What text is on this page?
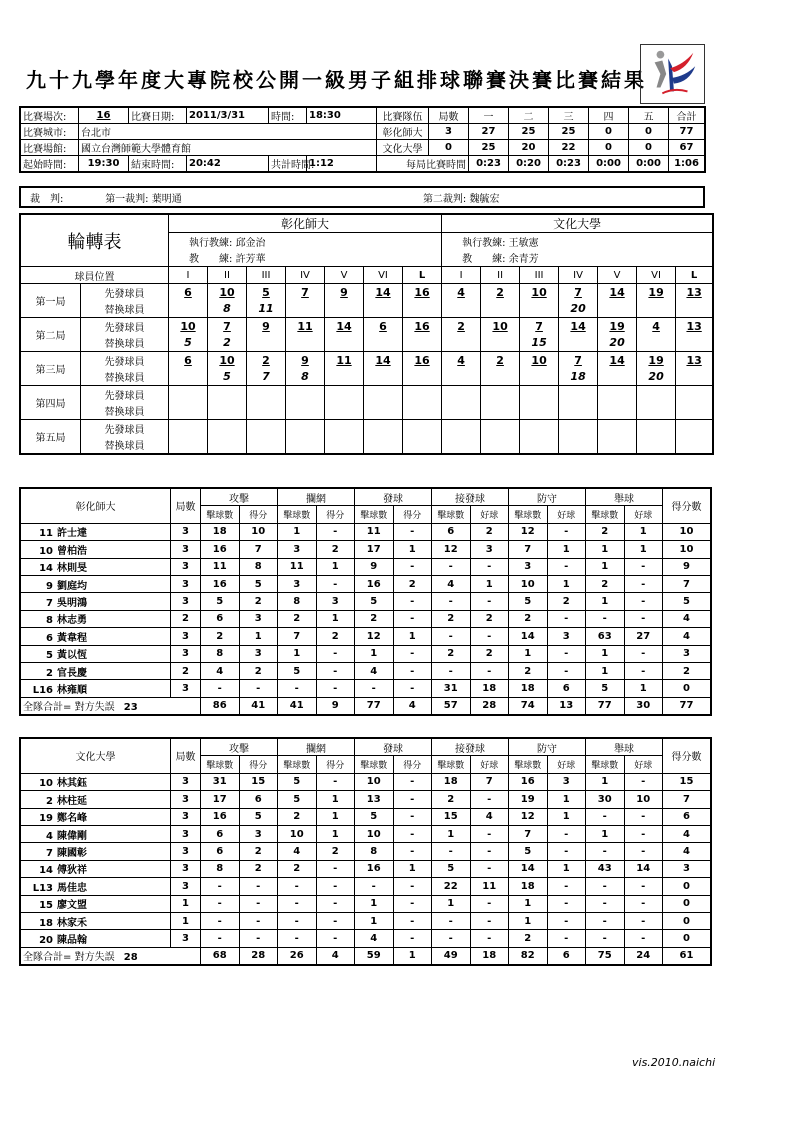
九十九學年度大專院校公開一級男子組排球聯賽決賽比賽結果
比賽場次:	16	比賽日期:	2011/3/31	時間:	18:30	比賽隊伍	局數	一	二	三	四	五	合計
比賽城市:	台北市					彰化師大	3	27	25	25	0	0	77
比賽場館:	國立台灣師範大學體育館					文化大學	0	25	20	22	0	0	67
起始時間:	19:30	結束時間:	20:42	共計時間:	1:12	每局比賽時間		0:23	0:20	0:23	0:00	0:00	1:06
裁　判:	第一裁判: 葉明通	第二裁判: 魏毓宏
輪轉表		彰化師大							文化大學						
		執行教練: 邱金治							執行教練: 王敏憲						
		教　　練: 許芳華							教　　練: 余青芳						
球員位置		I	II	III	IV	V	VI	L	I	II	III	IV	V	VI	L
第一局	先發球員	6	10	5	7	9	14	16	4	2	10	7	14	19	13
	替換球員		8	11								20			
第二局	先發球員	10	7	9	11	14	6	16	2	10	7	14	19	4	13
	替換球員	5	2								15		20		
第三局	先發球員	6	10	2	9	11	14	16	4	2	10	7	14	19	13
	替換球員		5	7	8							18		20	
第四局	先發球員														
	替換球員														
第五局	先發球員														
	替換球員														
彰化師大	局數	攻擊		攔網		發球		接發球		防守		舉球		得分數
		擊球數	得分	擊球數	得分	擊球數	得分	擊球數	好球	擊球數	好球	擊球數	好球	
11 許士達	3	18	10	1	-	11	-	6	2	12	-	2	1	10
10 曾柏浩	3	16	7	3	2	17	1	12	3	7	1	1	1	10
14 林則旻	3	11	8	11	1	9	-	-	-	3	-	1	-	9
9 劉庭均	3	16	5	3	-	16	2	4	1	10	1	2	-	7
7 吳明鴻	3	5	2	8	3	5	-	-	-	5	2	1	-	5
8 林志勇	2	6	3	2	1	2	-	2	2	2	-	-	-	4
6 黃韋程	3	2	1	7	2	12	1	-	-	14	3	63	27	4
5 黃以恆	3	8	3	1	-	1	-	2	2	1	-	1	-	3
2 官長慶	2	4	2	5	-	4	-	-	-	2	-	1	-	2
L16 林雍順	3	-	-	-	-	-	-	31	18	18	6	5	1	0
全隊合計= 對方失誤 23		86	41	41	9	77	4	57	28	74	13	77	30	77
文化大學	局數	攻擊		攔網		發球		接發球		防守		舉球		得分數
		擊球數	得分	擊球數	得分	擊球數	得分	擊球數	好球	擊球數	好球	擊球數	好球	
10 林其鈺	3	31	15	5	-	10	-	18	7	16	3	1	-	15
2 林柱延	3	17	6	5	1	13	-	2	-	19	1	30	10	7
19 鄭名峰	3	16	5	2	1	5	-	15	4	12	1	-	-	6
4 陳偉剛	3	6	3	10	1	10	-	1	-	7	-	1	-	4
7 陳國彰	3	6	2	4	2	8	-	-	-	5	-	-	-	4
14 傅狄祥	3	8	2	2	-	16	1	5	-	14	1	43	14	3
L13 馬佳忠	3	-	-	-	-	-	-	22	11	18	-	-	-	0
15 廖文盟	1	-	-	-	-	1	-	1	-	1	-	-	-	0
18 林家禾	1	-	-	-	-	1	-	-	-	1	-	-	-	0
20 陳品翰	3	-	-	-	-	4	-	-	-	2	-	-	-	0
全隊合計= 對方失誤 28		68	28	26	4	59	1	49	18	82	6	75	24	61
vis.2010.naichi
